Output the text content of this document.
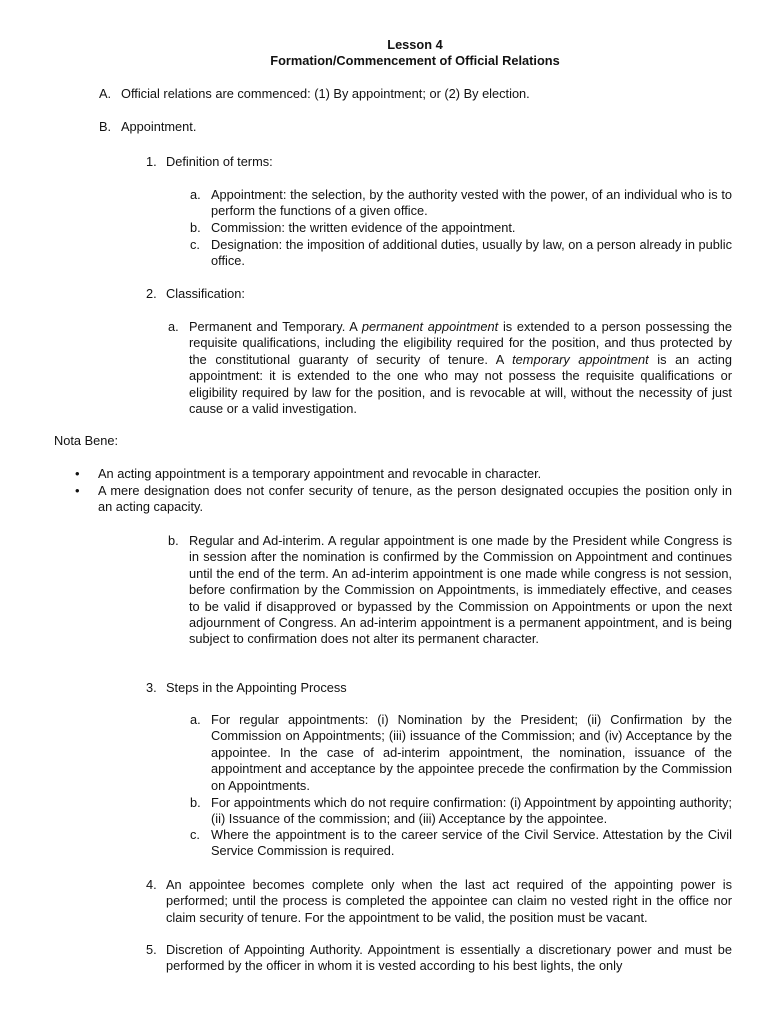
Lesson 4
Formation/Commencement of Official Relations
A. Official relations are commenced: (1) By appointment; or (2) By election.
B. Appointment.
1. Definition of terms:
a. Appointment: the selection, by the authority vested with the power, of an individual who is to perform the functions of a given office.
b. Commission: the written evidence of the appointment.
c. Designation: the imposition of additional duties, usually by law, on a person already in public office.
2. Classification:
a. Permanent and Temporary. A permanent appointment is extended to a person possessing the requisite qualifications, including the eligibility required for the position, and thus protected by the constitutional guaranty of security of tenure. A temporary appointment is an acting appointment: it is extended to the one who may not possess the requisite qualifications or eligibility required by law for the position, and is revocable at will, without the necessity of just cause or a valid investigation.
Nota Bene:
• An acting appointment is a temporary appointment and revocable in character.
• A mere designation does not confer security of tenure, as the person designated occupies the position only in an acting capacity.
b. Regular and Ad-interim. A regular appointment is one made by the President while Congress is in session after the nomination is confirmed by the Commission on Appointment and continues until the end of the term. An ad-interim appointment is one made while congress is not session, before confirmation by the Commission on Appointments, is immediately effective, and ceases to be valid if disapproved or bypassed by the Commission on Appointments or upon the next adjournment of Congress. An ad-interim appointment is a permanent appointment, and is being subject to confirmation does not alter its permanent character.
3. Steps in the Appointing Process
a. For regular appointments: (i) Nomination by the President; (ii) Confirmation by the Commission on Appointments; (iii) issuance of the Commission; and (iv) Acceptance by the appointee. In the case of ad-interim appointment, the nomination, issuance of the appointment and acceptance by the appointee precede the confirmation by the Commission on Appointments.
b. For appointments which do not require confirmation: (i) Appointment by appointing authority; (ii) Issuance of the commission; and (iii) Acceptance by the appointee.
c. Where the appointment is to the career service of the Civil Service. Attestation by the Civil Service Commission is required.
4. An appointee becomes complete only when the last act required of the appointing power is performed; until the process is completed the appointee can claim no vested right in the office nor claim security of tenure. For the appointment to be valid, the position must be vacant.
5. Discretion of Appointing Authority. Appointment is essentially a discretionary power and must be performed by the officer in whom it is vested according to his best lights, the only
